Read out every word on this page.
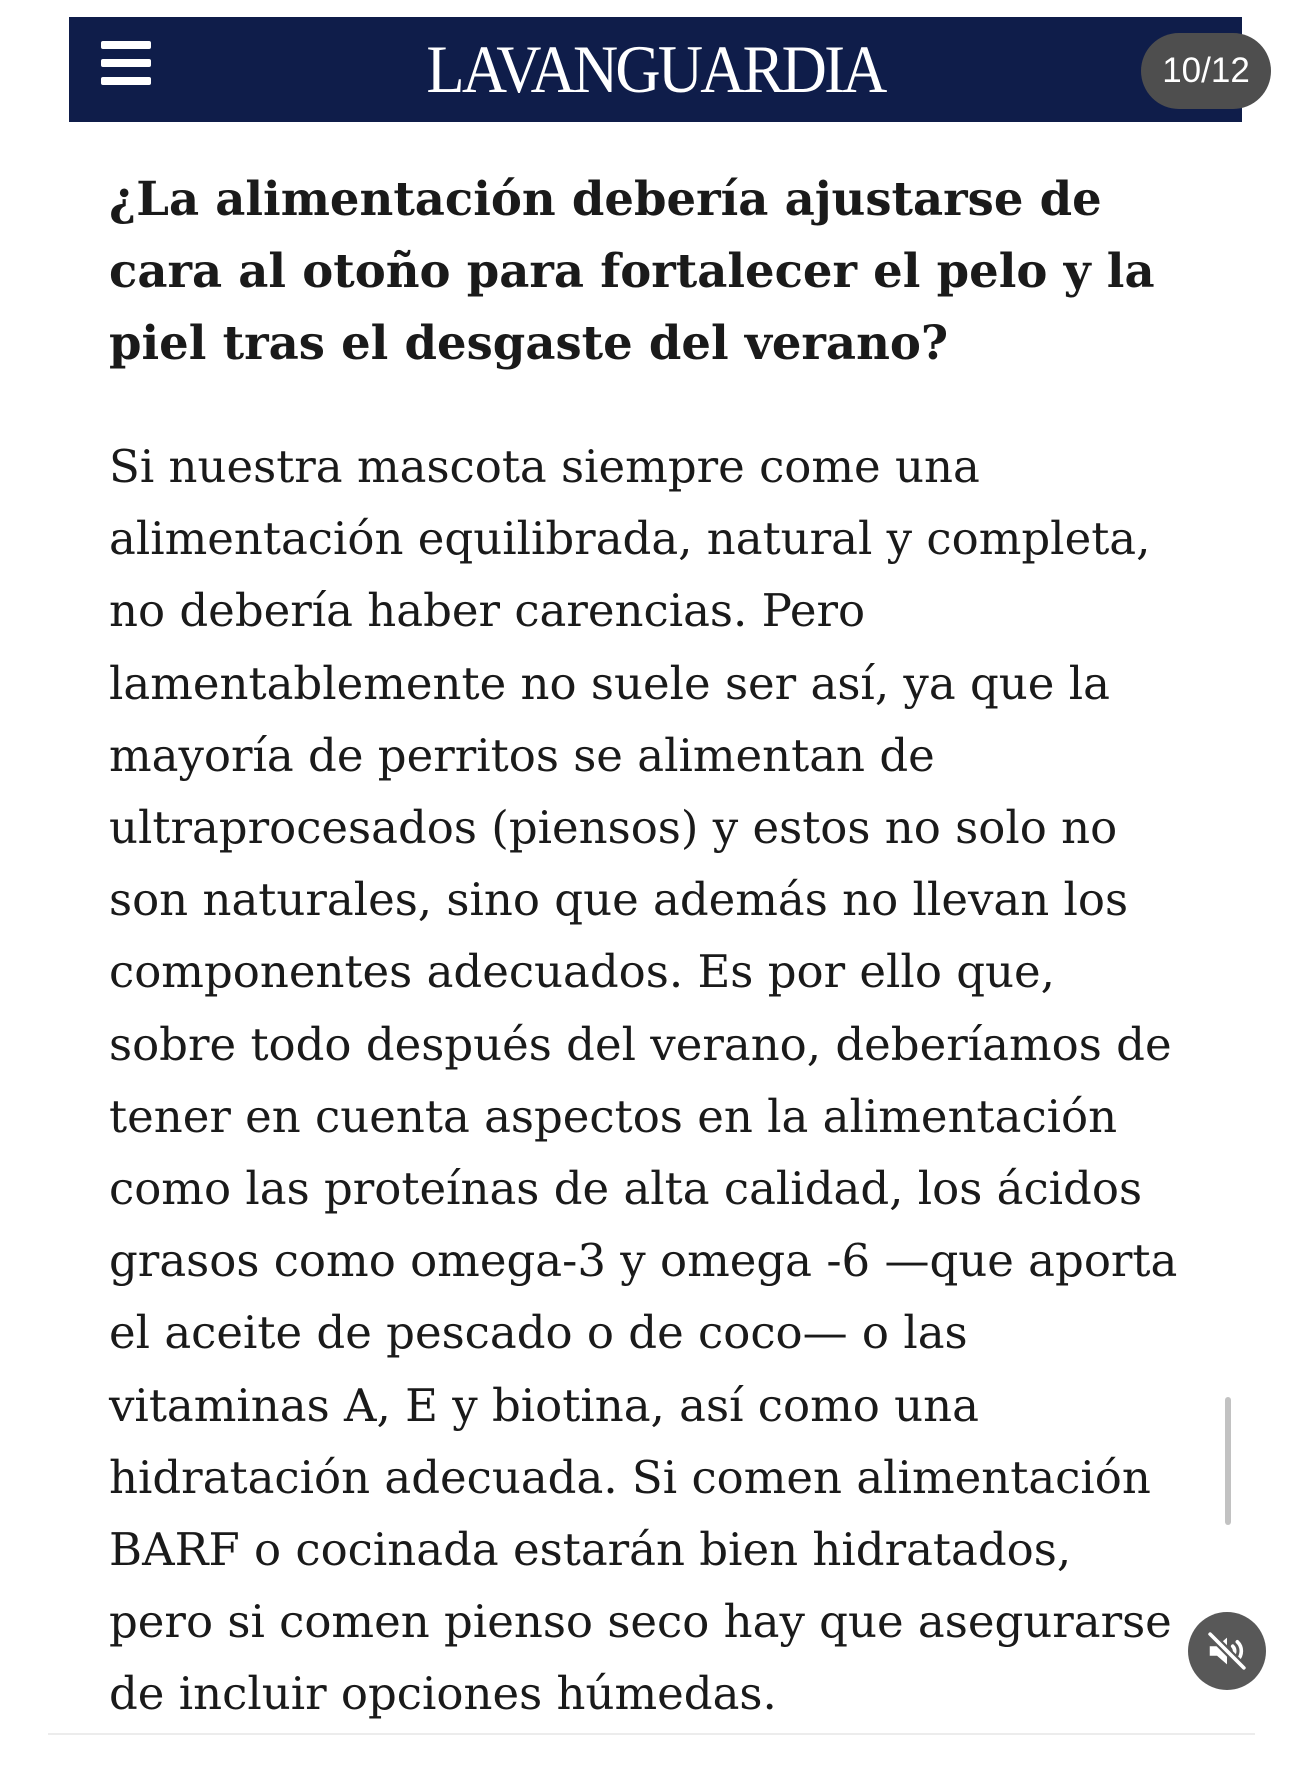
LAVANGUARDIA	10/12
¿La alimentación debería ajustarse de cara al otoño para fortalecer el pelo y la piel tras el desgaste del verano?

Si nuestra mascota siempre come una
alimentación equilibrada, natural y completa,
no debería haber carencias. Pero
lamentablemente no suele ser así, ya que la
mayoría de perritos se alimentan de
ultraprocesados (piensos) y estos no solo no
son naturales, sino que además no llevan los
componentes adecuados. Es por ello que,
sobre todo después del verano, deberíamos de
tener en cuenta aspectos en la alimentación
como las proteínas de alta calidad, los ácidos
grasos como omega-3 y omega -6 —que aporta
el aceite de pescado o de coco— o las
vitaminas A, E y biotina, así como una
hidratación adecuada. Si comen alimentación
BARF o cocinada estarán bien hidratados,
pero si comen pienso seco hay que asegurarse
de incluir opciones húmedas.
